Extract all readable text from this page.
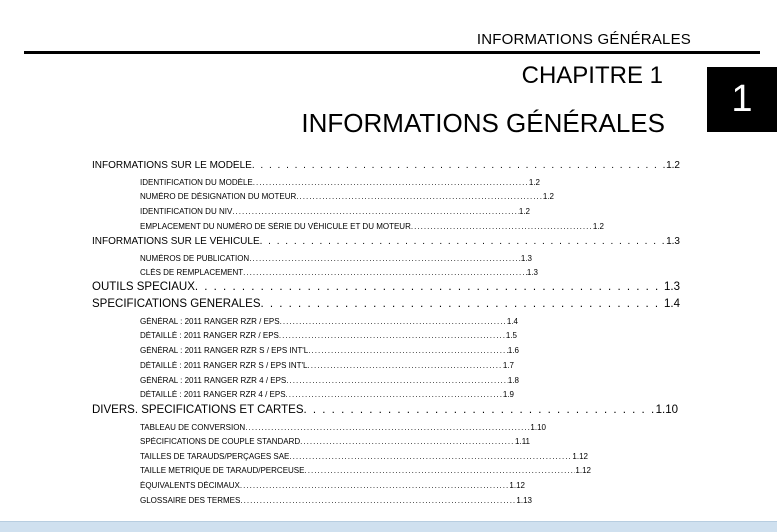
INFORMATIONS GÉNÉRALES
CHAPITRE 1
INFORMATIONS GÉNÉRALES
1
INFORMATIONS SUR LE MODÈLE . . .	1.2
IDENTIFICATION DU MODÈLE . . .	1.2
NUMÉRO DE DÉSIGNATION DU MOTEUR . . .	1.2
IDENTIFICATION DU NIV . . .	1.2
EMPLACEMENT DU NUMÉRO DE SÉRIE DU VÉHICULE ET DU MOTEUR . . .	1.2
INFORMATIONS SUR LE VÉHICULE . . .	1.3
NUMÉROS DE PUBLICATION . . .	1.3
CLÉS DE REMPLACEMENT . . .	1.3
OUTILS SPÉCIAUX . . .	1.3
SPÉCIFICATIONS GÉNÉRALES . . .	1.4
GÉNÉRAL : 2011 RANGER RZR / EPS . . .	1.4
DÉTAILLÉ : 2011 RANGER RZR / EPS . . .	1.5
GÉNÉRAL : 2011 RANGER RZR S / EPS INT'L . . .	1.6
DÉTAILLÉ : 2011 RANGER RZR S / EPS INT'L . . .	1.7
GÉNÉRAL : 2011 RANGER RZR 4 / EPS . . .	1.8
DÉTAILLÉ : 2011 RANGER RZR 4 / EPS . . .	1.9
DIVERS. SPÉCIFICATIONS ET CARTES . . .	1.10
TABLEAU DE CONVERSION . . .	1.10
SPÉCIFICATIONS DE COUPLE STANDARD . . .	1.11
TAILLES DE TARAUDS/PERÇAGES SAE . . .	1.12
TAILLE METRIQUE DE TARAUD/PERCEUSE . . .	1.12
ÉQUIVALENTS DÉCIMAUX . . .	1.12
GLOSSAIRE DES TERMES . . .	1.13
